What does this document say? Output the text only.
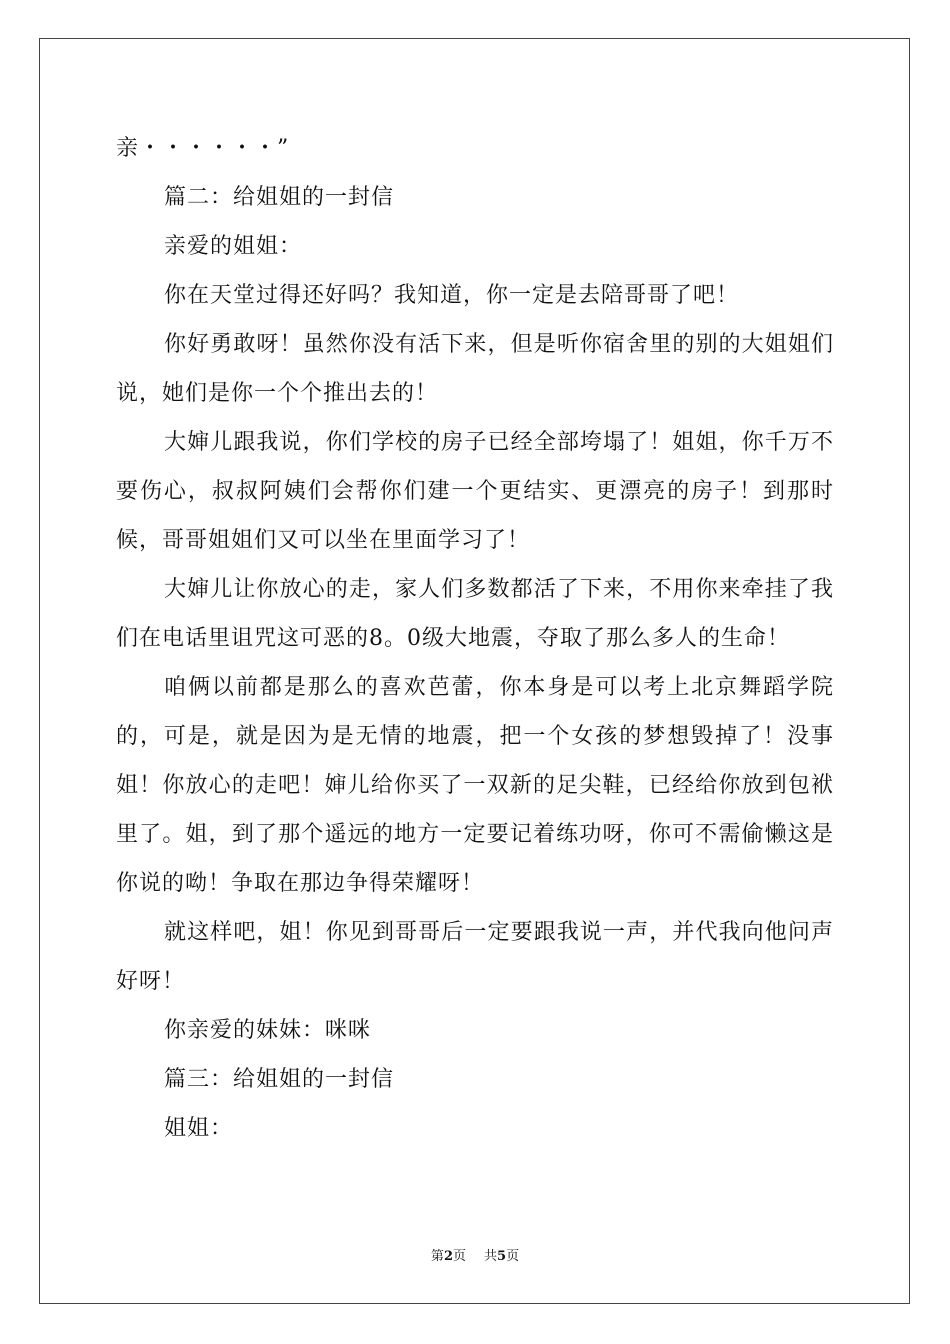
亲・・・・・・”

篇二：给姐姐的一封信

亲爱的姐姐：

你在天堂过得还好吗？我知道，你一定是去陪哥哥了吧！

你好勇敢呀！虽然你没有活下来，但是听你宿舍里的别的大姐姐们说，她们是你一个个推出去的！

大婶儿跟我说，你们学校的房子已经全部垮塌了！姐姐，你千万不要伤心，叔叔阿姨们会帮你们建一个更结实、更漂亮的房子！到那时候，哥哥姐姐们又可以坐在里面学习了！

大婶儿让你放心的走，家人们多数都活了下来，不用你来牵挂了我们在电话里诅咒这可恶的8。0级大地震，夺取了那么多人的生命！

咱俩以前都是那么的喜欢芭蕾，你本身是可以考上北京舞蹈学院的，可是，就是因为是无情的地震，把一个女孩的梦想毁掉了！没事姐！你放心的走吧！婶儿给你买了一双新的足尖鞋，已经给你放到包袱里了。姐，到了那个遥远的地方一定要记着练功呀，你可不需偷懒这是你说的呦！争取在那边争得荣耀呀！

就这样吧，姐！你见到哥哥后一定要跟我说一声，并代我向他问声好呀！

你亲爱的妹妹：咪咪

篇三：给姐姐的一封信

姐姐：

第2页 共5页
